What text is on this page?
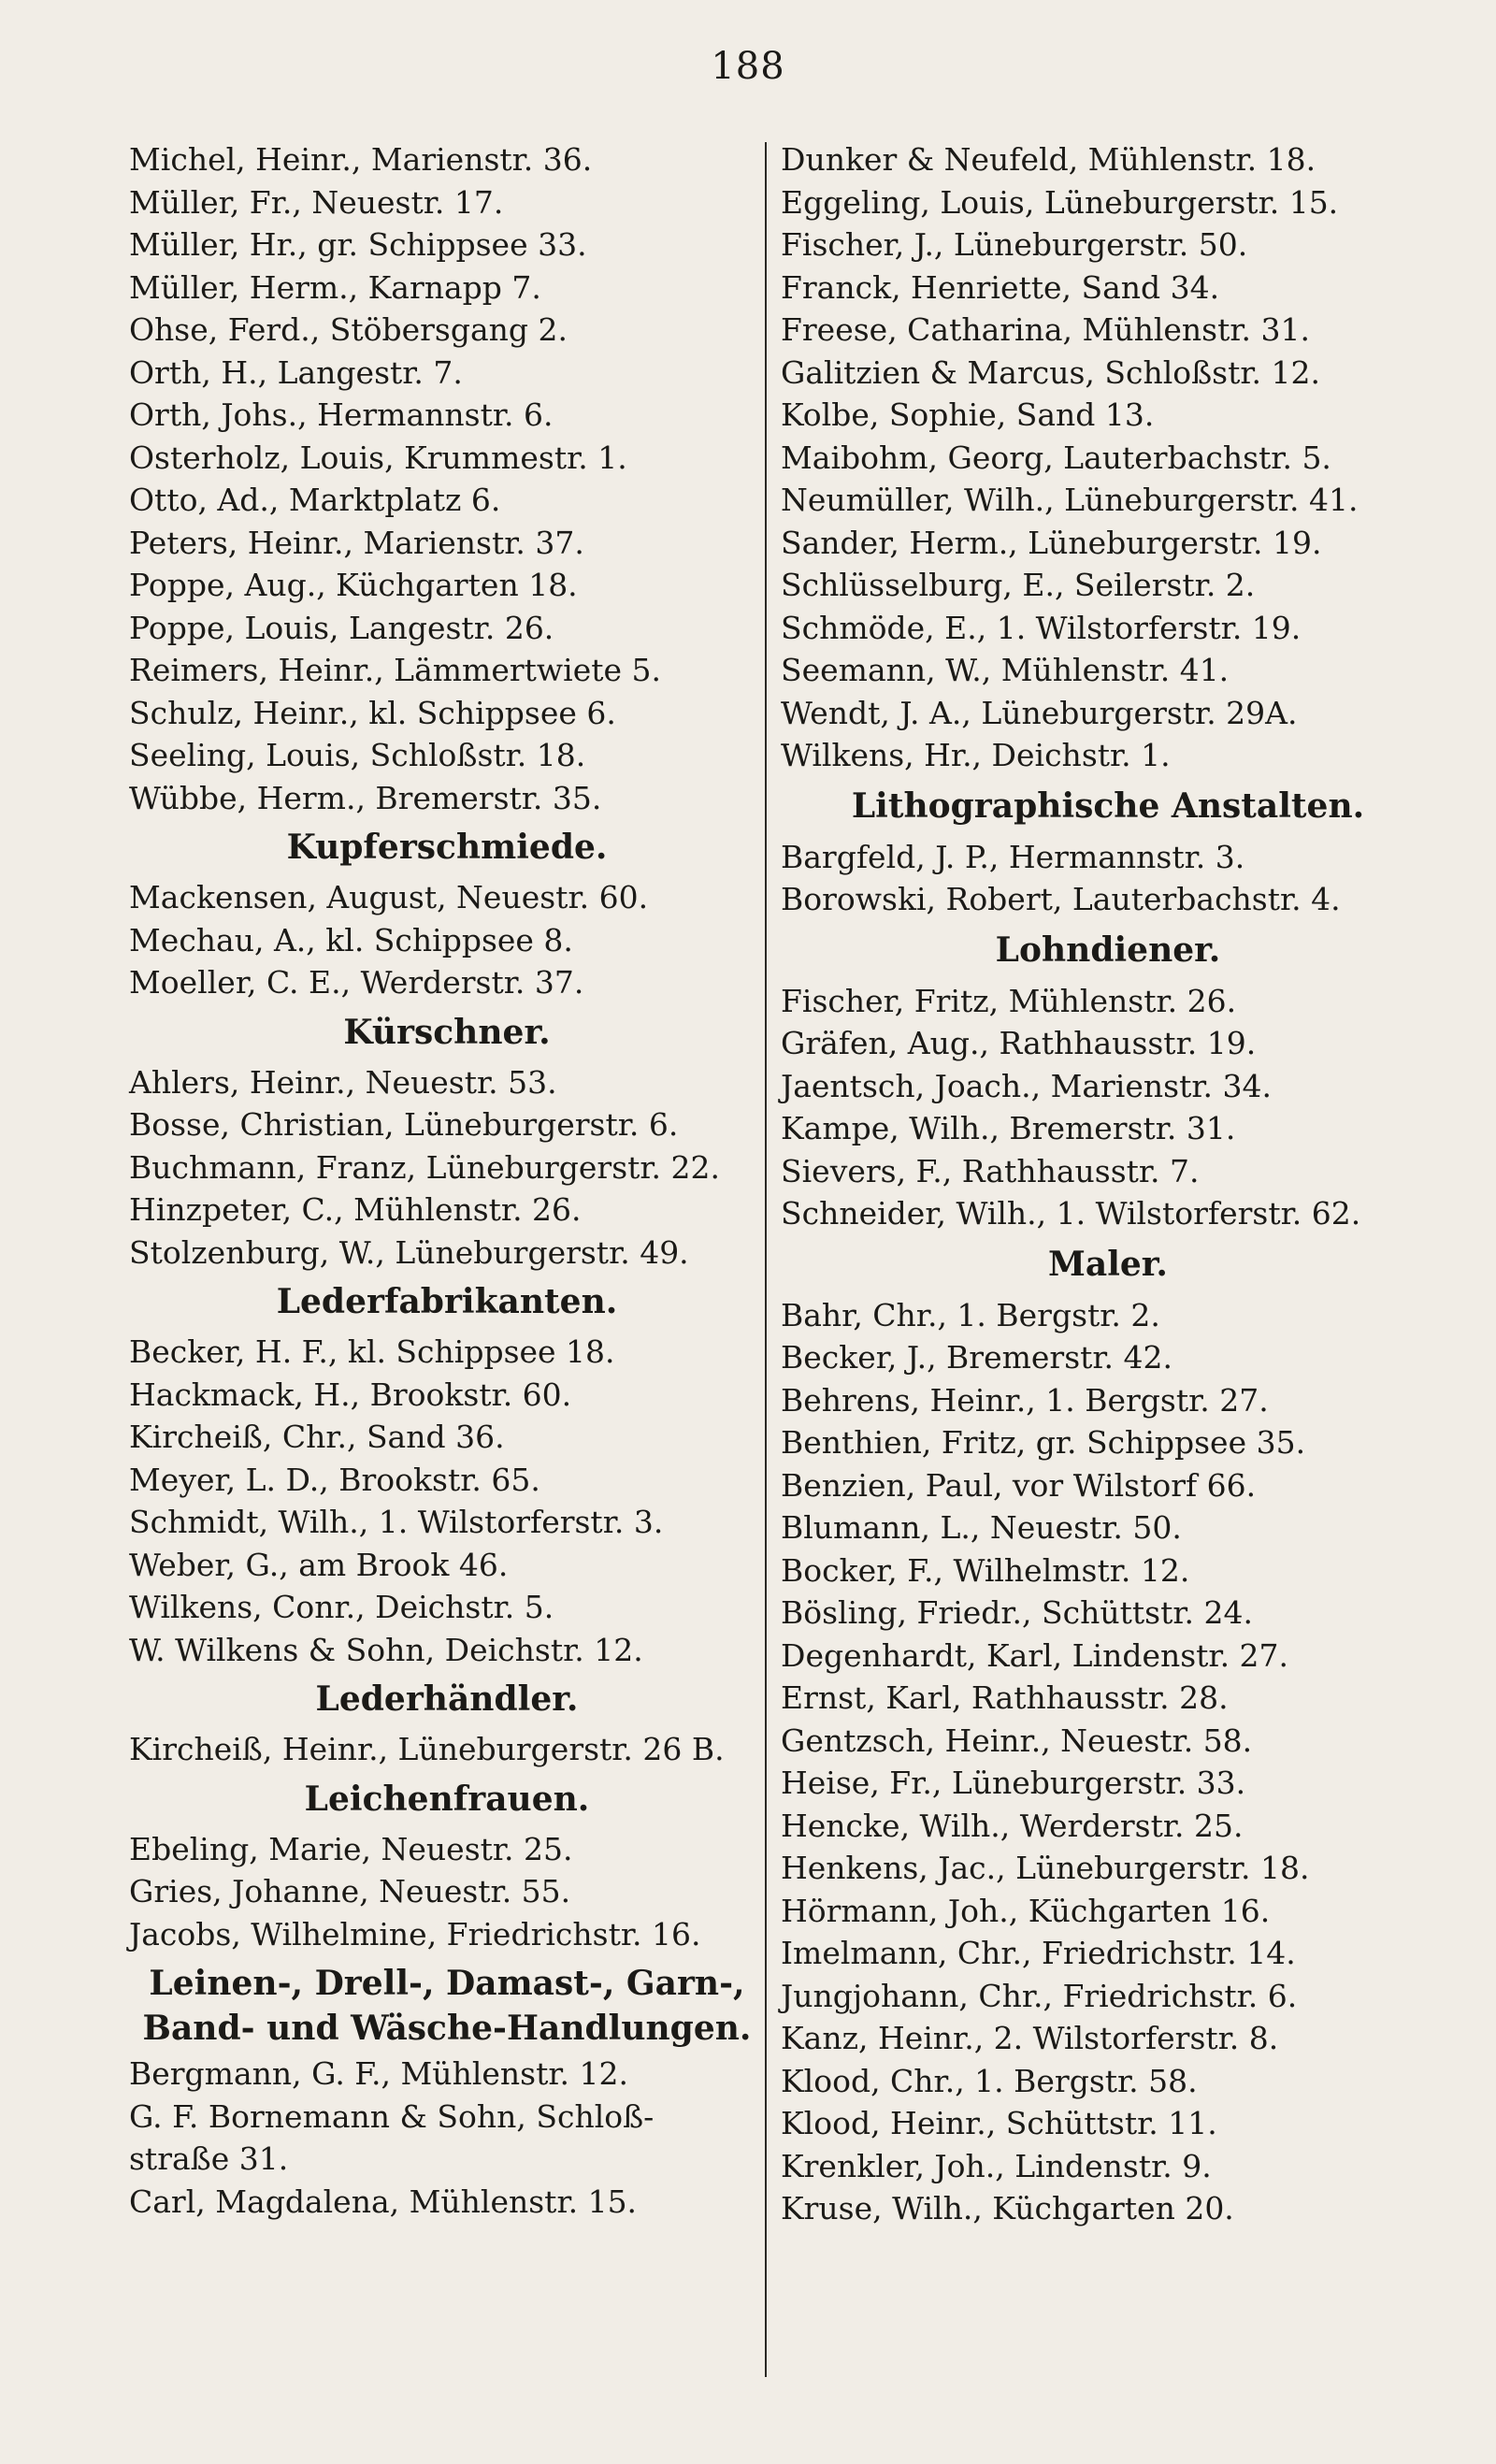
188
Michel, Heinr., Marienstr. 36.
Müller, Fr., Neuestr. 17.
Müller, Hr., gr. Schippsee 33.
Müller, Herm., Karnapp 7.
Ohse, Ferd., Stöbersgang 2.
Orth, H., Langestr. 7.
Orth, Johs., Hermannstr. 6.
Osterholz, Louis, Krummestr. 1.
Otto, Ad., Marktplatz 6.
Peters, Heinr., Marienstr. 37.
Poppe, Aug., Küchgarten 18.
Poppe, Louis, Langestr. 26.
Reimers, Heinr., Lämmertwiete 5.
Schulz, Heinr., kl. Schippsee 6.
Seeling, Louis, Schloßstr. 18.
Wübbe, Herm., Bremerstr. 35.
Kupferschmiede.
Mackensen, August, Neuestr. 60.
Mechau, A., kl. Schippsee 8.
Moeller, C. E., Werderstr. 37.
Kürschner.
Ahlers, Heinr., Neuestr. 53.
Bosse, Christian, Lüneburgerstr. 6.
Buchmann, Franz, Lüneburgerstr. 22.
Hinzpeter, C., Mühlenstr. 26.
Stolzenburg, W., Lüneburgerstr. 49.
Lederfabrikanten.
Becker, H. F., kl. Schippsee 18.
Hackmack, H., Brookstr. 60.
Kircheiß, Chr., Sand 36.
Meyer, L. D., Brookstr. 65.
Schmidt, Wilh., 1. Wilstorferstr. 3.
Weber, G., am Brook 46.
Wilkens, Conr., Deichstr. 5.
W. Wilkens & Sohn, Deichstr. 12.
Lederhändler.
Kircheiß, Heinr., Lüneburgerstr. 26 B.
Leichenfrauen.
Ebeling, Marie, Neuestr. 25.
Gries, Johanne, Neuestr. 55.
Jacobs, Wilhelmine, Friedrichstr. 16.
Leinen-, Drell-, Damast-, Garn-,
Band- und Wäsche-Handlungen.
Bergmann, G. F., Mühlenstr. 12.
G. F. Bornemann & Sohn, Schloß-
straße 31.
Carl, Magdalena, Mühlenstr. 15.
Dunker & Neufeld, Mühlenstr. 18.
Eggeling, Louis, Lüneburgerstr. 15.
Fischer, J., Lüneburgerstr. 50.
Franck, Henriette, Sand 34.
Freese, Catharina, Mühlenstr. 31.
Galitzien & Marcus, Schloßstr. 12.
Kolbe, Sophie, Sand 13.
Maibohm, Georg, Lauterbachstr. 5.
Neumüller, Wilh., Lüneburgerstr. 41.
Sander, Herm., Lüneburgerstr. 19.
Schlüsselburg, E., Seilerstr. 2.
Schmöde, E., 1. Wilstorferstr. 19.
Seemann, W., Mühlenstr. 41.
Wendt, J. A., Lüneburgerstr. 29A.
Wilkens, Hr., Deichstr. 1.
Lithographische Anstalten.
Bargfeld, J. P., Hermannstr. 3.
Borowski, Robert, Lauterbachstr. 4.
Lohndiener.
Fischer, Fritz, Mühlenstr. 26.
Gräfen, Aug., Rathhausstr. 19.
Jaentsch, Joach., Marienstr. 34.
Kampe, Wilh., Bremerstr. 31.
Sievers, F., Rathhausstr. 7.
Schneider, Wilh., 1. Wilstorferstr. 62.
Maler.
Bahr, Chr., 1. Bergstr. 2.
Becker, J., Bremerstr. 42.
Behrens, Heinr., 1. Bergstr. 27.
Benthien, Fritz, gr. Schippsee 35.
Benzien, Paul, vor Wilstorf 66.
Blumann, L., Neuestr. 50.
Bocker, F., Wilhelmstr. 12.
Bösling, Friedr., Schüttstr. 24.
Degenhardt, Karl, Lindenstr. 27.
Ernst, Karl, Rathhausstr. 28.
Gentzsch, Heinr., Neuestr. 58.
Heise, Fr., Lüneburgerstr. 33.
Hencke, Wilh., Werderstr. 25.
Henkens, Jac., Lüneburgerstr. 18.
Hörmann, Joh., Küchgarten 16.
Imelmann, Chr., Friedrichstr. 14.
Jungjohann, Chr., Friedrichstr. 6.
Kanz, Heinr., 2. Wilstorferstr. 8.
Klood, Chr., 1. Bergstr. 58.
Klood, Heinr., Schüttstr. 11.
Krenkler, Joh., Lindenstr. 9.
Kruse, Wilh., Küchgarten 20.
